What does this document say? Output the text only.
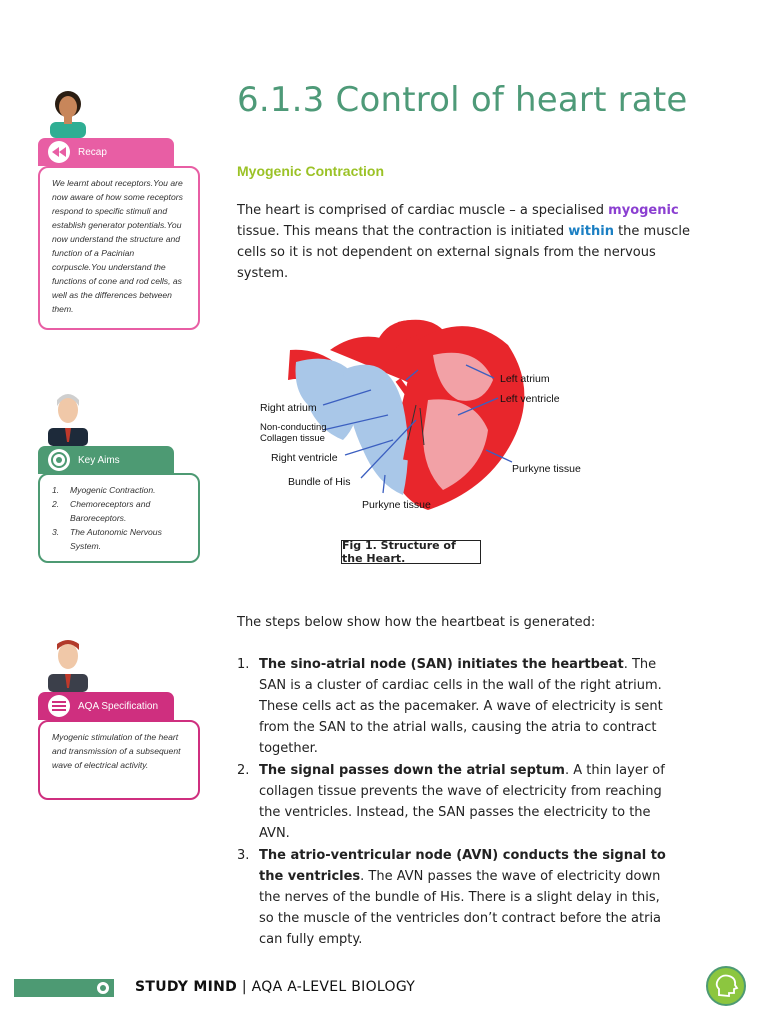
6.1.3 Control of heart rate
Myogenic Contraction

The heart is comprised of cardiac muscle – a specialised myogenic tissue. This means that the contraction is initiated within the muscle cells so it is not dependent on external signals from the nervous system.

Left atrium
Left ventricle
Right atrium
Non-conducting
Collagen tissue
Right ventricle
Purkyne tissue
Bundle of His
Purkyne tissue
Fig 1. Structure of the Heart.

The steps below show how the heartbeat is generated:

1. The sino-atrial node (SAN) initiates the heartbeat. The SAN is a cluster of cardiac cells in the wall of the right atrium. These cells act as the pacemaker. A wave of electricity is sent from the SAN to the atrial walls, causing the atria to contract together.
2. The signal passes down the atrial septum. A thin layer of collagen tissue prevents the wave of electricity from reaching the ventricles. Instead, the SAN passes the electricity to the AVN.
3. The atrio-ventricular node (AVN) conducts the signal to the ventricles. The AVN passes the wave of electricity down the nerves of the bundle of His. There is a slight delay in this, so the muscle of the ventricles don’t contract before the atria can fully empty.
Recap
We learnt about receptors.You are now aware of how some receptors respond to specific stimuli and establish generator potentials.You now understand the structure and function of a Pacinian corpuscle.You understand the functions of cone and rod cells, as well as the differences between them.
Key Aims
1.	Myogenic Contraction.
2.	Chemoreceptors and Baroreceptors.
3.	The Autonomic Nervous System.
AQA Specification
Myogenic stimulation of the heart and transmission of a subsequent wave of electrical activity.
STUDY MIND | AQA A-LEVEL BIOLOGY
